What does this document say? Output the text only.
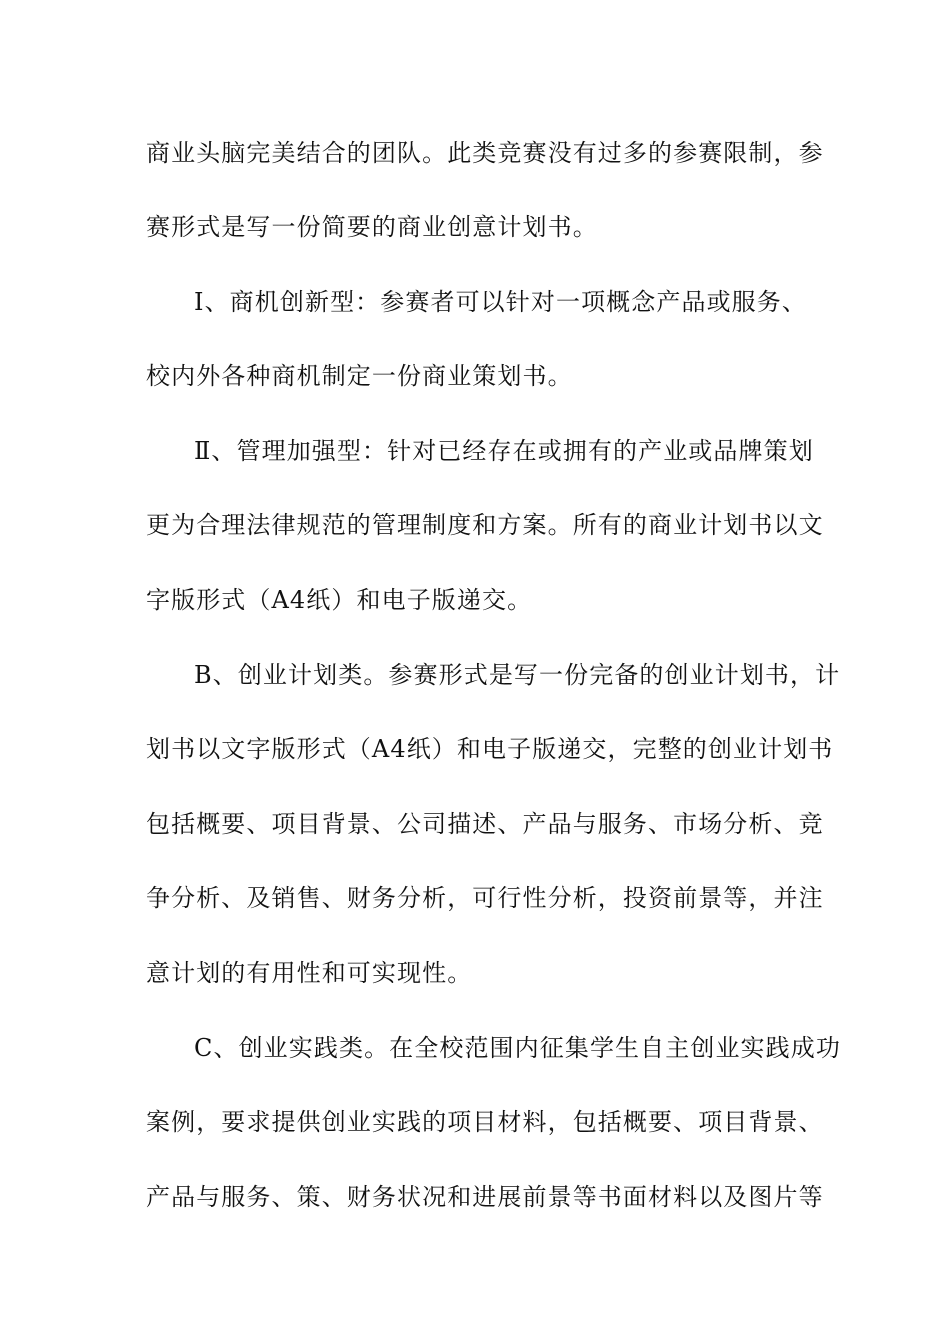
商业头脑完美结合的团队。此类竞赛没有过多的参赛限制，参
赛形式是写一份简要的商业创意计划书。
Ⅰ、商机创新型：参赛者可以针对一项概念产品或服务、
校内外各种商机制定一份商业策划书。
Ⅱ、管理加强型：针对已经存在或拥有的产业或品牌策划
更为合理法律规范的管理制度和方案。所有的商业计划书以文
字版形式（A4纸）和电子版递交。
B、创业计划类。参赛形式是写一份完备的创业计划书，计
划书以文字版形式（A4纸）和电子版递交，完整的创业计划书
包括概要、项目背景、公司描述、产品与服务、市场分析、竞
争分析、及销售、财务分析，可行性分析，投资前景等，并注
意计划的有用性和可实现性。
C、创业实践类。在全校范围内征集学生自主创业实践成功
案例，要求提供创业实践的项目材料，包括概要、项目背景、
产品与服务、策、财务状况和进展前景等书面材料以及图片等
